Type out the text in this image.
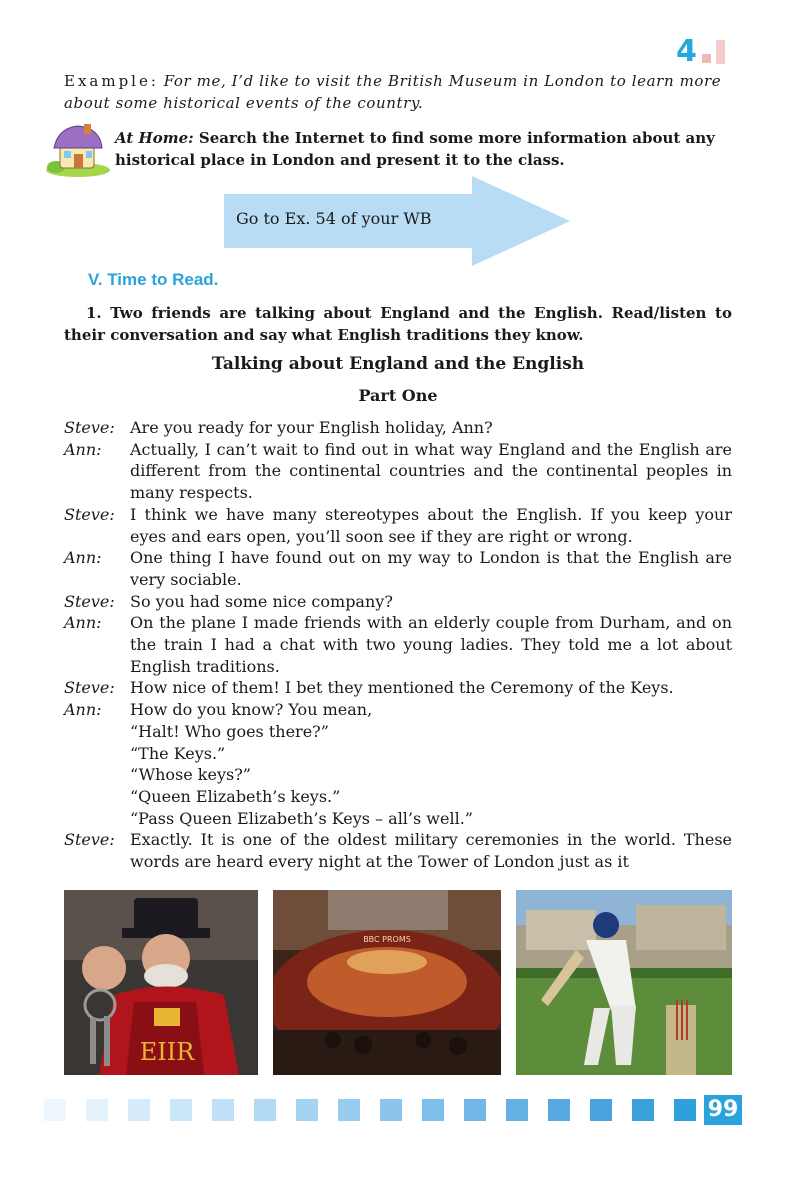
4
Example: For me, I’d like to visit the British Museum in London to learn more about some historical events of the country.
At Home: Search the Internet to find some more information about any historical place in London and present it to the class.
Go to Ex. 54 of your WB
V. Time to Read.
1. Two friends are talking about England and the English. Read/listen to their conversation and say what English traditions they know.
Talking about England and the English
Part One
Steve: Are you ready for your English holiday, Ann?
Ann:	Actually, I can’t wait to find out in what way England and the English are different from the continental countries and the continental peoples in many respects.
Steve: I think we have many stereotypes about the English. If you keep your eyes and ears open, you’ll soon see if they are right or wrong.
Ann:	One thing I have found out on my way to London is that the English are very sociable.
Steve: So you had some nice company?
Ann:	On the plane I made friends with an elderly couple from Durham, and on the train I had a chat with two young ladies. They told me a lot about English traditions.
Steve: How nice of them! I bet they mentioned the Ceremony of the Keys.
Ann:	How do you know? You mean,
“Halt! Who goes there?”
“The Keys.”
“Whose keys?”
“Queen Elizabeth’s keys.”
“Pass Queen Elizabeth’s Keys – all’s well.”
Steve: Exactly. It is one of the oldest military ceremonies in the world. These words are heard every night at the Tower of London just as it
EIIR
BBC PROMS
99
